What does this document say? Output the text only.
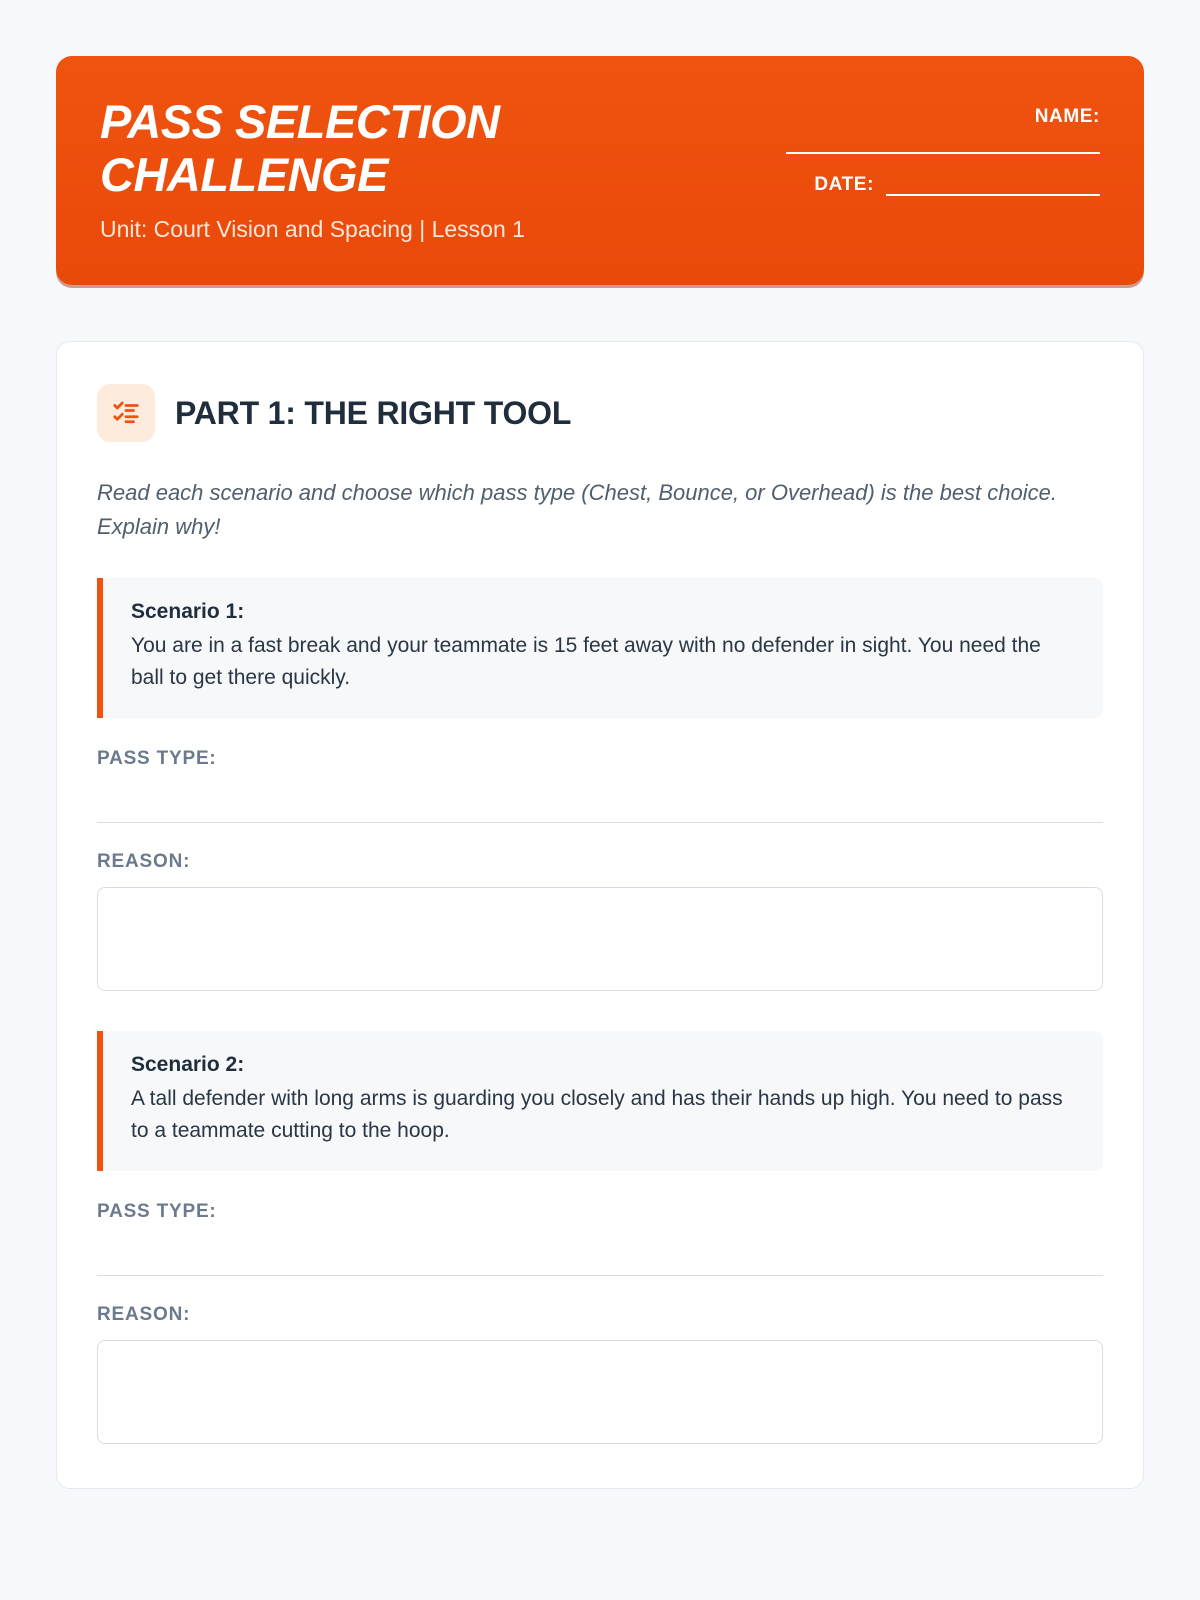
PASS SELECTION CHALLENGE

Unit: Court Vision and Spacing | Lesson 1

NAME:
DATE:
PART 1: THE RIGHT TOOL

Read each scenario and choose which pass type (Chest, Bounce, or Overhead) is the best choice. Explain why!

Scenario 1:

You are in a fast break and your teammate is 15 feet away with no defender in sight. You need the ball to get there quickly.

PASS TYPE:

REASON:

Scenario 2:

A tall defender with long arms is guarding you closely and has their hands up high. You need to pass to a teammate cutting to the hoop.

PASS TYPE:

REASON:
